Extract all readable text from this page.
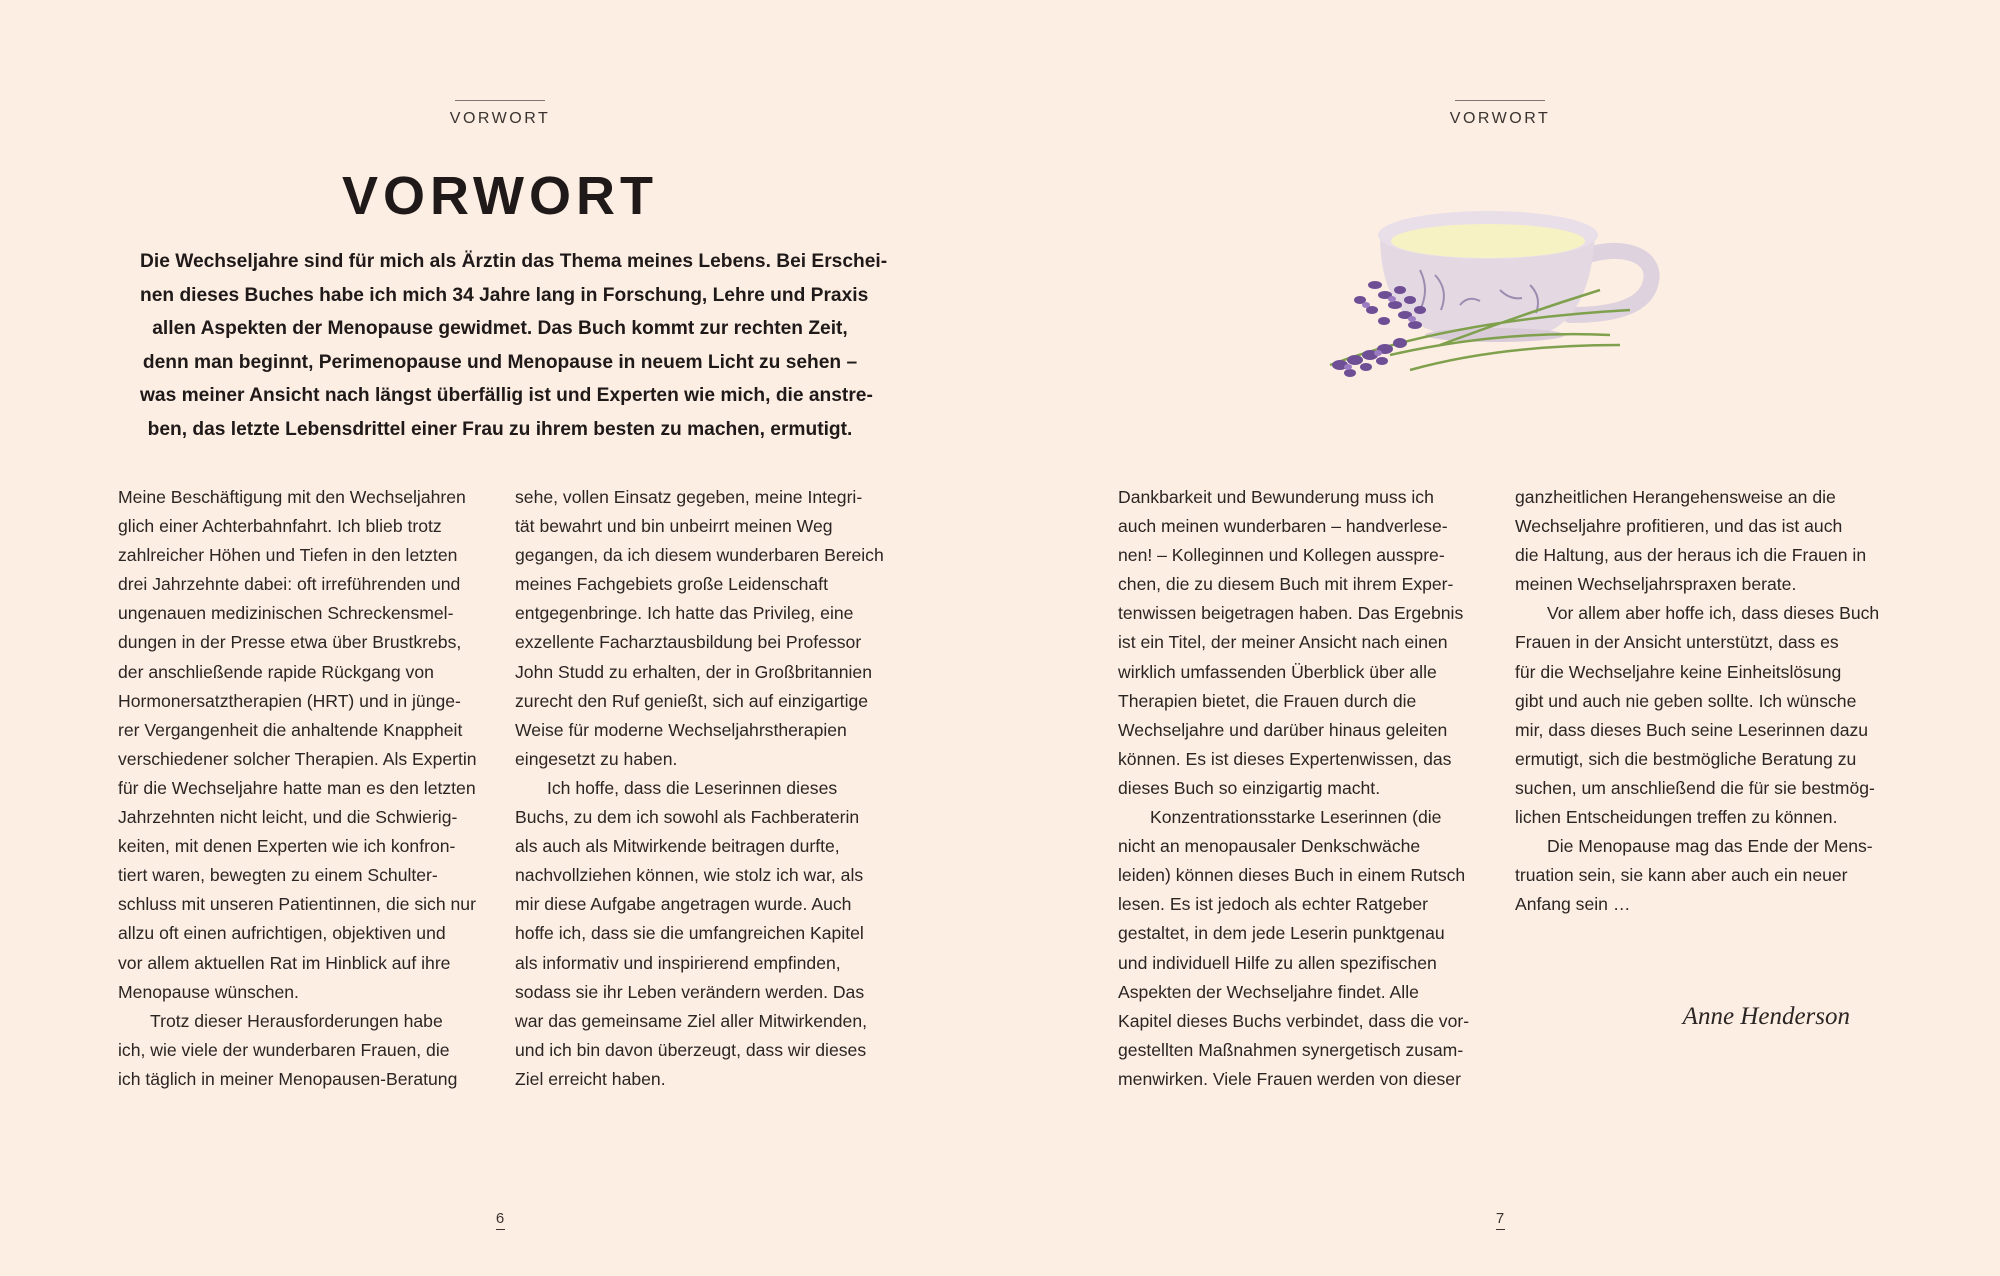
VORWORT
VORWORT

Die Wechseljahre sind für mich als Ärztin das Thema meines Lebens. Bei Erschei-
nen dieses Buches habe ich mich 34 Jahre lang in Forschung, Lehre und Praxis
allen Aspekten der Menopause gewidmet. Das Buch kommt zur rechten Zeit,
denn man beginnt, Perimenopause und Menopause in neuem Licht zu sehen –
was meiner Ansicht nach längst überfällig ist und Experten wie mich, die anstre-
ben, das letzte Lebensdrittel einer Frau zu ihrem besten zu machen, ermutigt.

Meine Beschäftigung mit den Wechseljahren
glich einer Achterbahnfahrt. Ich blieb trotz
zahlreicher Höhen und Tiefen in den letzten
drei Jahrzehnte dabei: oft irreführenden und
ungenauen medizinischen Schreckensmel-
dungen in der Presse etwa über Brustkrebs,
der anschließende rapide Rückgang von
Hormonersatztherapien (HRT) und in jünge-
rer Vergangenheit die anhaltende Knappheit
verschiedener solcher Therapien. Als Expertin
für die Wechseljahre hatte man es den letzten
Jahrzehnten nicht leicht, und die Schwierig-
keiten, mit denen Experten wie ich konfron-
tiert waren, bewegten zu einem Schulter-
schluss mit unseren Patientinnen, die sich nur
allzu oft einen aufrichtigen, objektiven und
vor allem aktuellen Rat im Hinblick auf ihre
Menopause wünschen.
Trotz dieser Herausforderungen habe
ich, wie viele der wunderbaren Frauen, die
ich täglich in meiner Menopausen-Beratung
sehe, vollen Einsatz gegeben, meine Integri-
tät bewahrt und bin unbeirrt meinen Weg
gegangen, da ich diesem wunderbaren Bereich
meines Fachgebiets große Leidenschaft
entgegenbringe. Ich hatte das Privileg, eine
exzellente Facharztausbildung bei Professor
John Studd zu erhalten, der in Großbritannien
zurecht den Ruf genießt, sich auf einzigartige
Weise für moderne Wechseljahrstherapien
eingesetzt zu haben.
Ich hoffe, dass die Leserinnen dieses
Buchs, zu dem ich sowohl als Fachberaterin
als auch als Mitwirkende beitragen durfte,
nachvollziehen können, wie stolz ich war, als
mir diese Aufgabe angetragen wurde. Auch
hoffe ich, dass sie die umfangreichen Kapitel
als informativ und inspirierend empfinden,
sodass sie ihr Leben verändern werden. Das
war das gemeinsame Ziel aller Mitwirkenden,
und ich bin davon überzeugt, dass wir dieses
Ziel erreicht haben.
6
VORWORT
Dankbarkeit und Bewunderung muss ich
auch meinen wunderbaren – handverlese-
nen! – Kolleginnen und Kollegen ausspre-
chen, die zu diesem Buch mit ihrem Exper-
tenwissen beigetragen haben. Das Ergebnis
ist ein Titel, der meiner Ansicht nach einen
wirklich umfassenden Überblick über alle
Therapien bietet, die Frauen durch die
Wechseljahre und darüber hinaus geleiten
können. Es ist dieses Expertenwissen, das
dieses Buch so einzigartig macht.
Konzentrationsstarke Leserinnen (die
nicht an menopausaler Denkschwäche
leiden) können dieses Buch in einem Rutsch
lesen. Es ist jedoch als echter Ratgeber
gestaltet, in dem jede Leserin punktgenau
und individuell Hilfe zu allen spezifischen
Aspekten der Wechseljahre findet. Alle
Kapitel dieses Buchs verbindet, dass die vor-
gestellten Maßnahmen synergetisch zusam-
menwirken. Viele Frauen werden von dieser
ganzheitlichen Herangehensweise an die
Wechseljahre profitieren, und das ist auch
die Haltung, aus der heraus ich die Frauen in
meinen Wechseljahrspraxen berate.
Vor allem aber hoffe ich, dass dieses Buch
Frauen in der Ansicht unterstützt, dass es
für die Wechseljahre keine Einheitslösung
gibt und auch nie geben sollte. Ich wünsche
mir, dass dieses Buch seine Leserinnen dazu
ermutigt, sich die bestmögliche Beratung zu
suchen, um anschließend die für sie bestmög-
lichen Entscheidungen treffen zu können.
Die Menopause mag das Ende der Mens-
truation sein, sie kann aber auch ein neuer
Anfang sein …
Anne Henderson
7
